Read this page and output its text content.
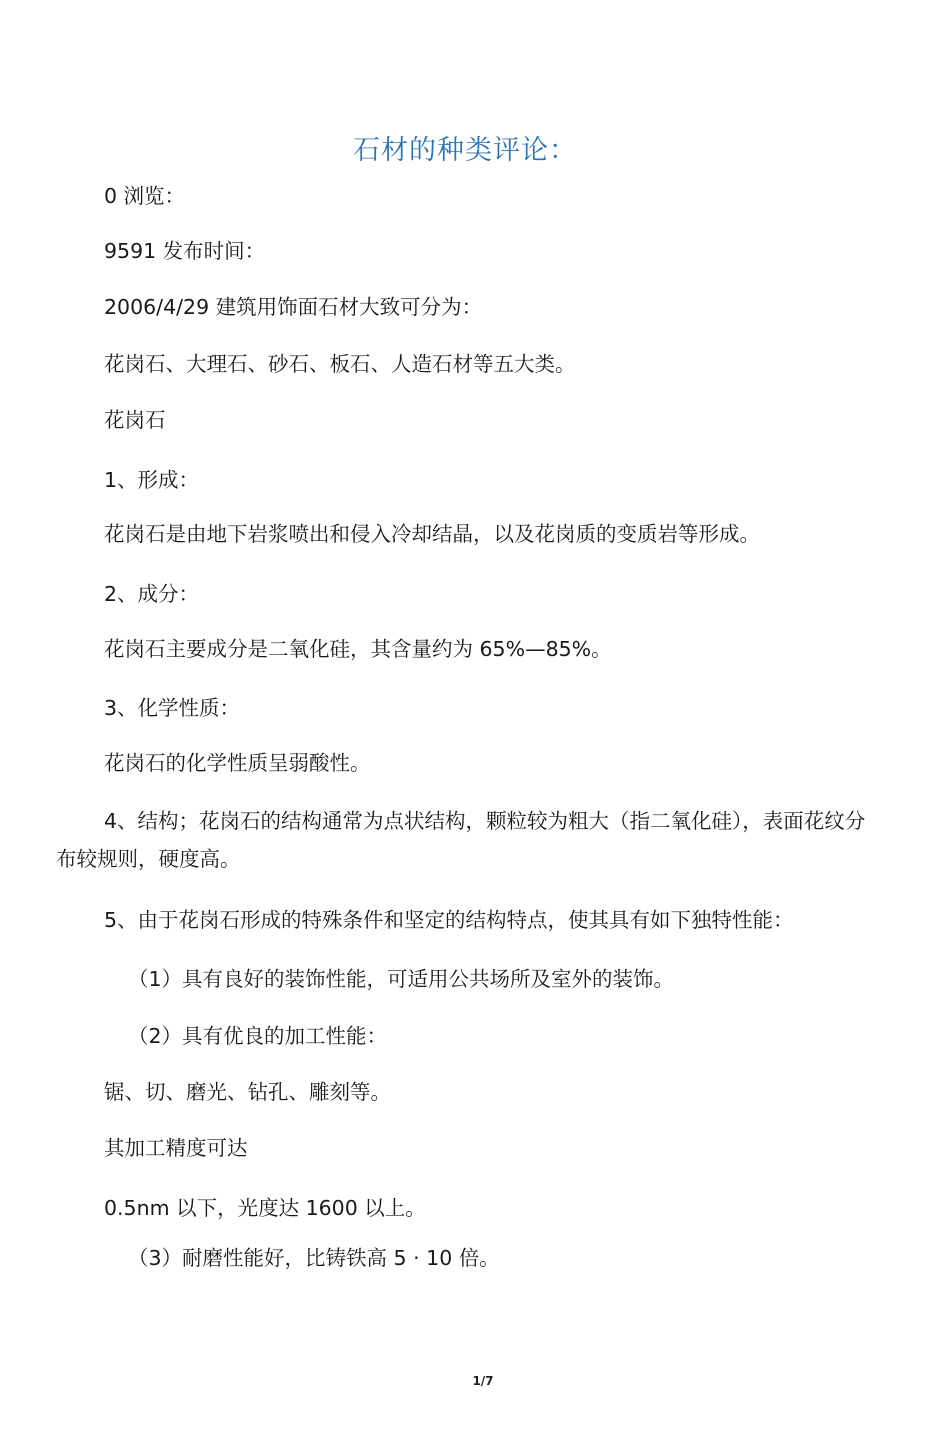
石材的种类评论：
0 浏览：
9591 发布时间：
2006/4/29 建筑用饰面石材大致可分为：
花岗石、大理石、砂石、板石、人造石材等五大类。
花岗石
1、形成：
花岗石是由地下岩浆喷出和侵入冷却结晶，以及花岗质的变质岩等形成。
2、成分：
花岗石主要成分是二氧化硅，其含量约为 65%—85%。
3、化学性质：
花岗石的化学性质呈弱酸性。
4、结构；花岗石的结构通常为点状结构，颗粒较为粗大（指二氧化硅），表面花纹分布较规则，硬度高。
5、由于花岗石形成的特殊条件和坚定的结构特点，使其具有如下独特性能：
（1）具有良好的装饰性能，可适用公共场所及室外的装饰。
（2）具有优良的加工性能：
锯、切、磨光、钻孔、雕刻等。
其加工精度可达
0.5nm 以下，光度达 1600 以上。
（3）耐磨性能好，比铸铁高 5 · 10 倍。
1/7
